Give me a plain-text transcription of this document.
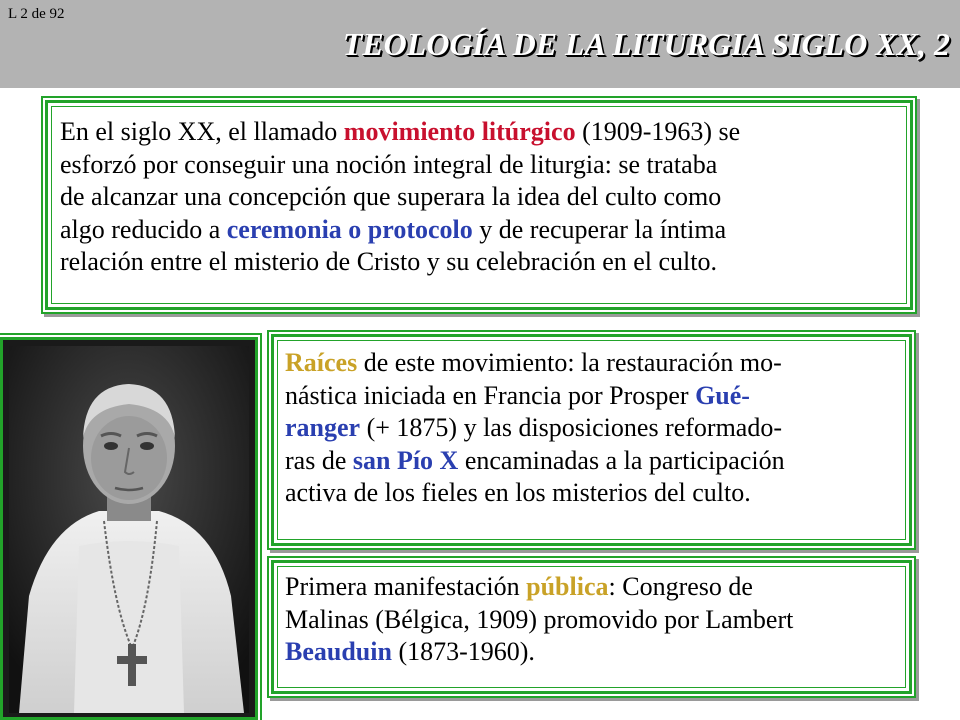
L 2 de 92
TEOLOGÍA DE LA LITURGIA SIGLO XX, 2
En el siglo XX, el llamado movimiento litúrgico (1909-1963) se
esforzó por conseguir una noción integral de liturgia: se trataba
de alcanzar una concepción que superara la idea del culto como
algo reducido a ceremonia o protocolo y de recuperar la íntima
relación entre el misterio de Cristo y su celebración en el culto.
Raíces de este movimiento: la restauración mo-
nástica iniciada en Francia por Prosper Gué-
ranger (+ 1875) y las disposiciones reformado-
ras de san Pío X encaminadas a la participación
activa de los fieles en los misterios del culto.
Primera manifestación pública: Congreso de
Malinas (Bélgica, 1909) promovido por Lambert
Beauduin (1873-1960).
